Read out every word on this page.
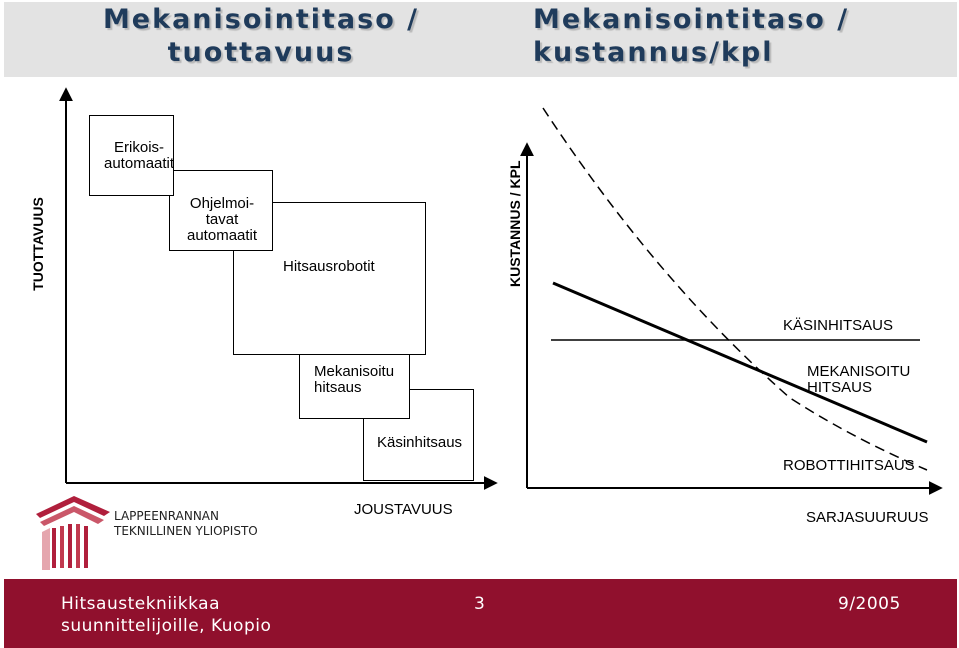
Mekanisointitaso /
tuottavuus
Mekanisointitaso /
kustannus/kpl
TUOTTAVUUS
Erikois-
automaatit
Ohjelmoi-
tavat
automaatit
Hitsausrobotit
Mekanisoitu
hitsaus
Käsinhitsaus
JOUSTAVUUS
KUSTANNUS / KPL
KÄSINHITSAUS
MEKANISOITU
HITSAUS
ROBOTTIHITSAUS
SARJASUURUUS
LAPPEENRANNAN
TEKNILLINEN YLIOPISTO
Hitsaustekniikkaa
suunnittelijoille, Kuopio
3	9/2005
